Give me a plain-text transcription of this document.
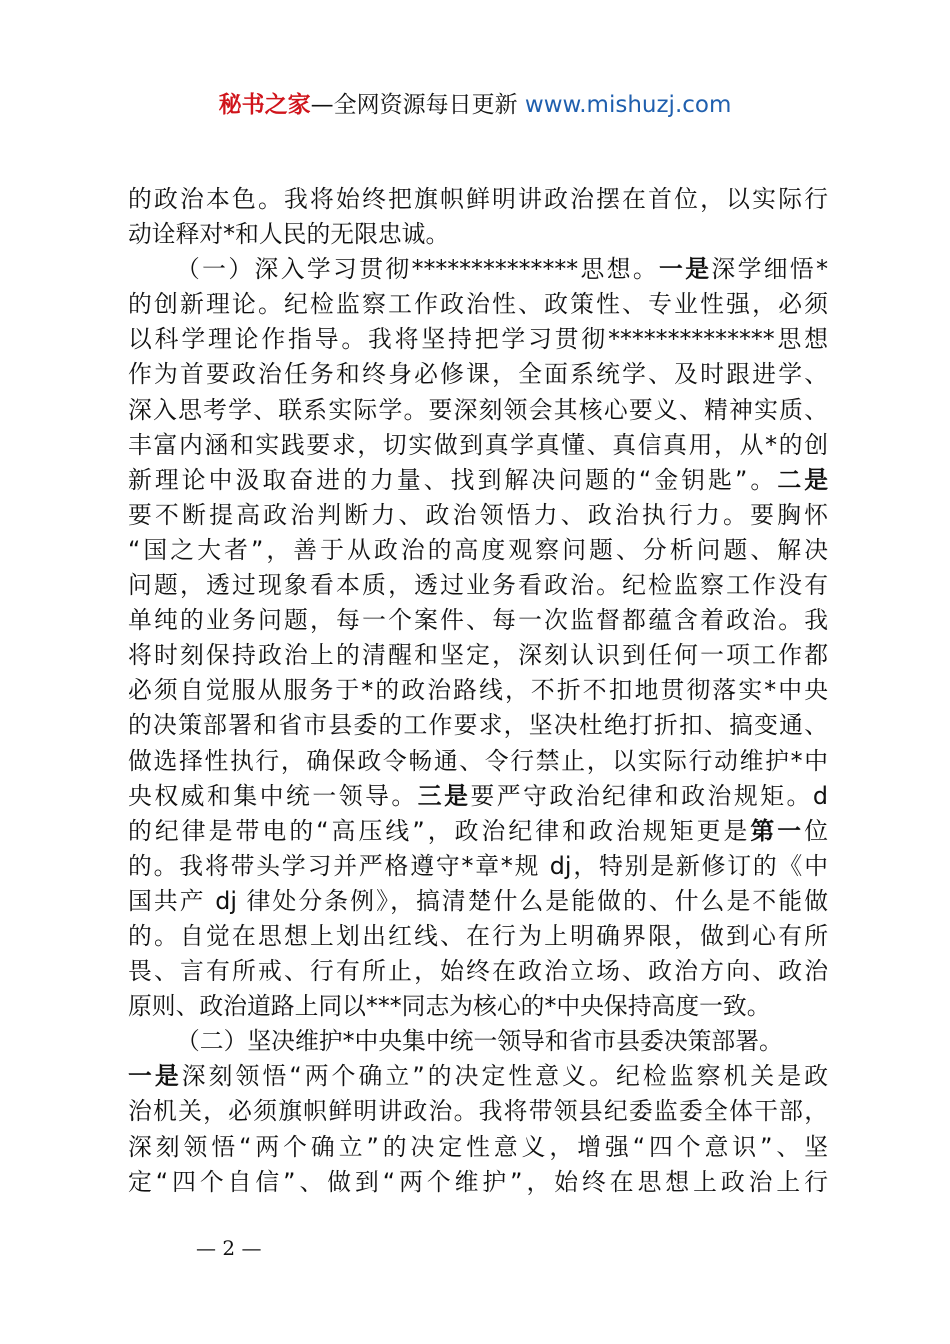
秘书之家—全网资源每日更新 www.mishuzj.com
的政治本色。我将始终把旗帜鲜明讲政治摆在首位，以实际行
动诠释对*和人民的无限忠诚。
（一）深入学习贯彻**************思想。一是深学细悟*
的创新理论。纪检监察工作政治性、政策性、专业性强，必须
以科学理论作指导。我将坚持把学习贯彻**************思想
作为首要政治任务和终身必修课，全面系统学、及时跟进学、
深入思考学、联系实际学。要深刻领会其核心要义、精神实质、
丰富内涵和实践要求，切实做到真学真懂、真信真用，从*的创
新理论中汲取奋进的力量、找到解决问题的“金钥匙”。二是
要不断提高政治判断力、政治领悟力、政治执行力。要胸怀
“国之大者”，善于从政治的高度观察问题、分析问题、解决
问题，透过现象看本质，透过业务看政治。纪检监察工作没有
单纯的业务问题，每一个案件、每一次监督都蕴含着政治。我
将时刻保持政治上的清醒和坚定，深刻认识到任何一项工作都
必须自觉服从服务于*的政治路线，不折不扣地贯彻落实*中央
的决策部署和省市县委的工作要求，坚决杜绝打折扣、搞变通、
做选择性执行，确保政令畅通、令行禁止，以实际行动维护*中
央权威和集中统一领导。三是要严守政治纪律和政治规矩。d
的纪律是带电的“高压线”，政治纪律和政治规矩更是第一位
的。我将带头学习并严格遵守*章*规 dj，特别是新修订的《中
国共产 dj 律处分条例》，搞清楚什么是能做的、什么是不能做
的。自觉在思想上划出红线、在行为上明确界限，做到心有所
畏、言有所戒、行有所止，始终在政治立场、政治方向、政治
原则、政治道路上同以***同志为核心的*中央保持高度一致。
（二）坚决维护*中央集中统一领导和省市县委决策部署。
一是深刻领悟“两个确立”的决定性意义。纪检监察机关是政
治机关，必须旗帜鲜明讲政治。我将带领县纪委监委全体干部，
深刻领悟“两个确立”的决定性意义，增强“四个意识”、坚
定“四个自信”、做到“两个维护”，始终在思想上政治上行
— 2 —
